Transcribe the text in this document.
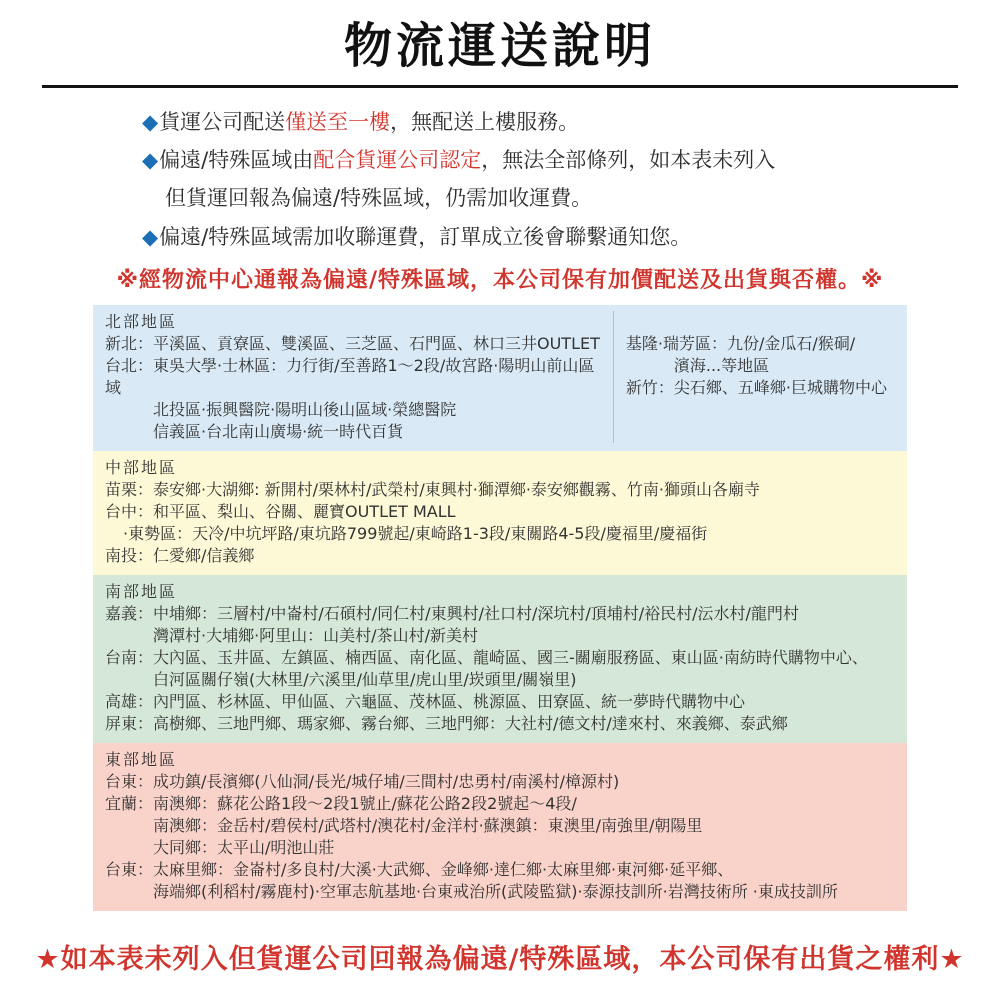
物流運送說明
◆貨運公司配送僅送至一樓，無配送上樓服務。
◆偏遠/特殊區域由配合貨運公司認定，無法全部條列，如本表未列入
但貨運回報為偏遠/特殊區域，仍需加收運費。
◆偏遠/特殊區域需加收聯運費，訂單成立後會聯繫通知您。
※經物流中心通報為偏遠/特殊區域，本公司保有加價配送及出貨與否權。※
北部地區
新北：平溪區、貢寮區、雙溪區、三芝區、石門區、林口三井OUTLET
台北：東吳大學·士林區：力行街/至善路1～2段/故宮路·陽明山前山區域
北投區·振興醫院·陽明山後山區域·榮總醫院
信義區·台北南山廣場·統一時代百貨

基隆·瑞芳區：九份/金瓜石/猴硐/
濱海...等地區
新竹：尖石鄉、五峰鄉·巨城購物中心
中部地區
苗栗：泰安鄉·大湖鄉: 新開村/栗林村/武榮村/東興村·獅潭鄉·泰安鄉觀霧、竹南·獅頭山各廟寺
台中：和平區、梨山、谷關、麗寶OUTLET MALL
·東勢區：天冷/中坑坪路/東坑路799號起/東崎路1-3段/東關路4-5段/慶福里/慶福街
南投：仁愛鄉/信義鄉
南部地區
嘉義：中埔鄉：三層村/中崙村/石碩村/同仁村/東興村/社口村/深坑村/頂埔村/裕民村/沄水村/龍門村
灣潭村·大埔鄉·阿里山：山美村/茶山村/新美村
台南：大內區、玉井區、左鎮區、楠西區、南化區、龍崎區、國三-關廟服務區、東山區·南紡時代購物中心、
白河區關仔嶺(大林里/六溪里/仙草里/虎山里/崁頭里/關嶺里)
高雄：內門區、杉林區、甲仙區、六龜區、茂林區、桃源區、田寮區、統一夢時代購物中心
屏東：高樹鄉、三地門鄉、瑪家鄉、霧台鄉、三地門鄉：大社村/德文村/達來村、來義鄉、泰武鄉
東部地區
台東：成功鎮/長濱鄉(八仙洞/長光/城仔埔/三間村/忠勇村/南溪村/樟源村)
宜蘭：南澳鄉：蘇花公路1段～2段1號止/蘇花公路2段2號起～4段/
南澳鄉：金岳村/碧侯村/武塔村/澳花村/金洋村·蘇澳鎮：東澳里/南強里/朝陽里
大同鄉：太平山/明池山莊
台東：太麻里鄉：金崙村/多良村/大溪·大武鄉、金峰鄉·達仁鄉·太麻里鄉·東河鄉·延平鄉、
海端鄉(利稻村/霧鹿村)·空軍志航基地·台東戒治所(武陵監獄)·泰源技訓所·岩灣技術所 ·東成技訓所
★如本表未列入但貨運公司回報為偏遠/特殊區域，本公司保有出貨之權利★
